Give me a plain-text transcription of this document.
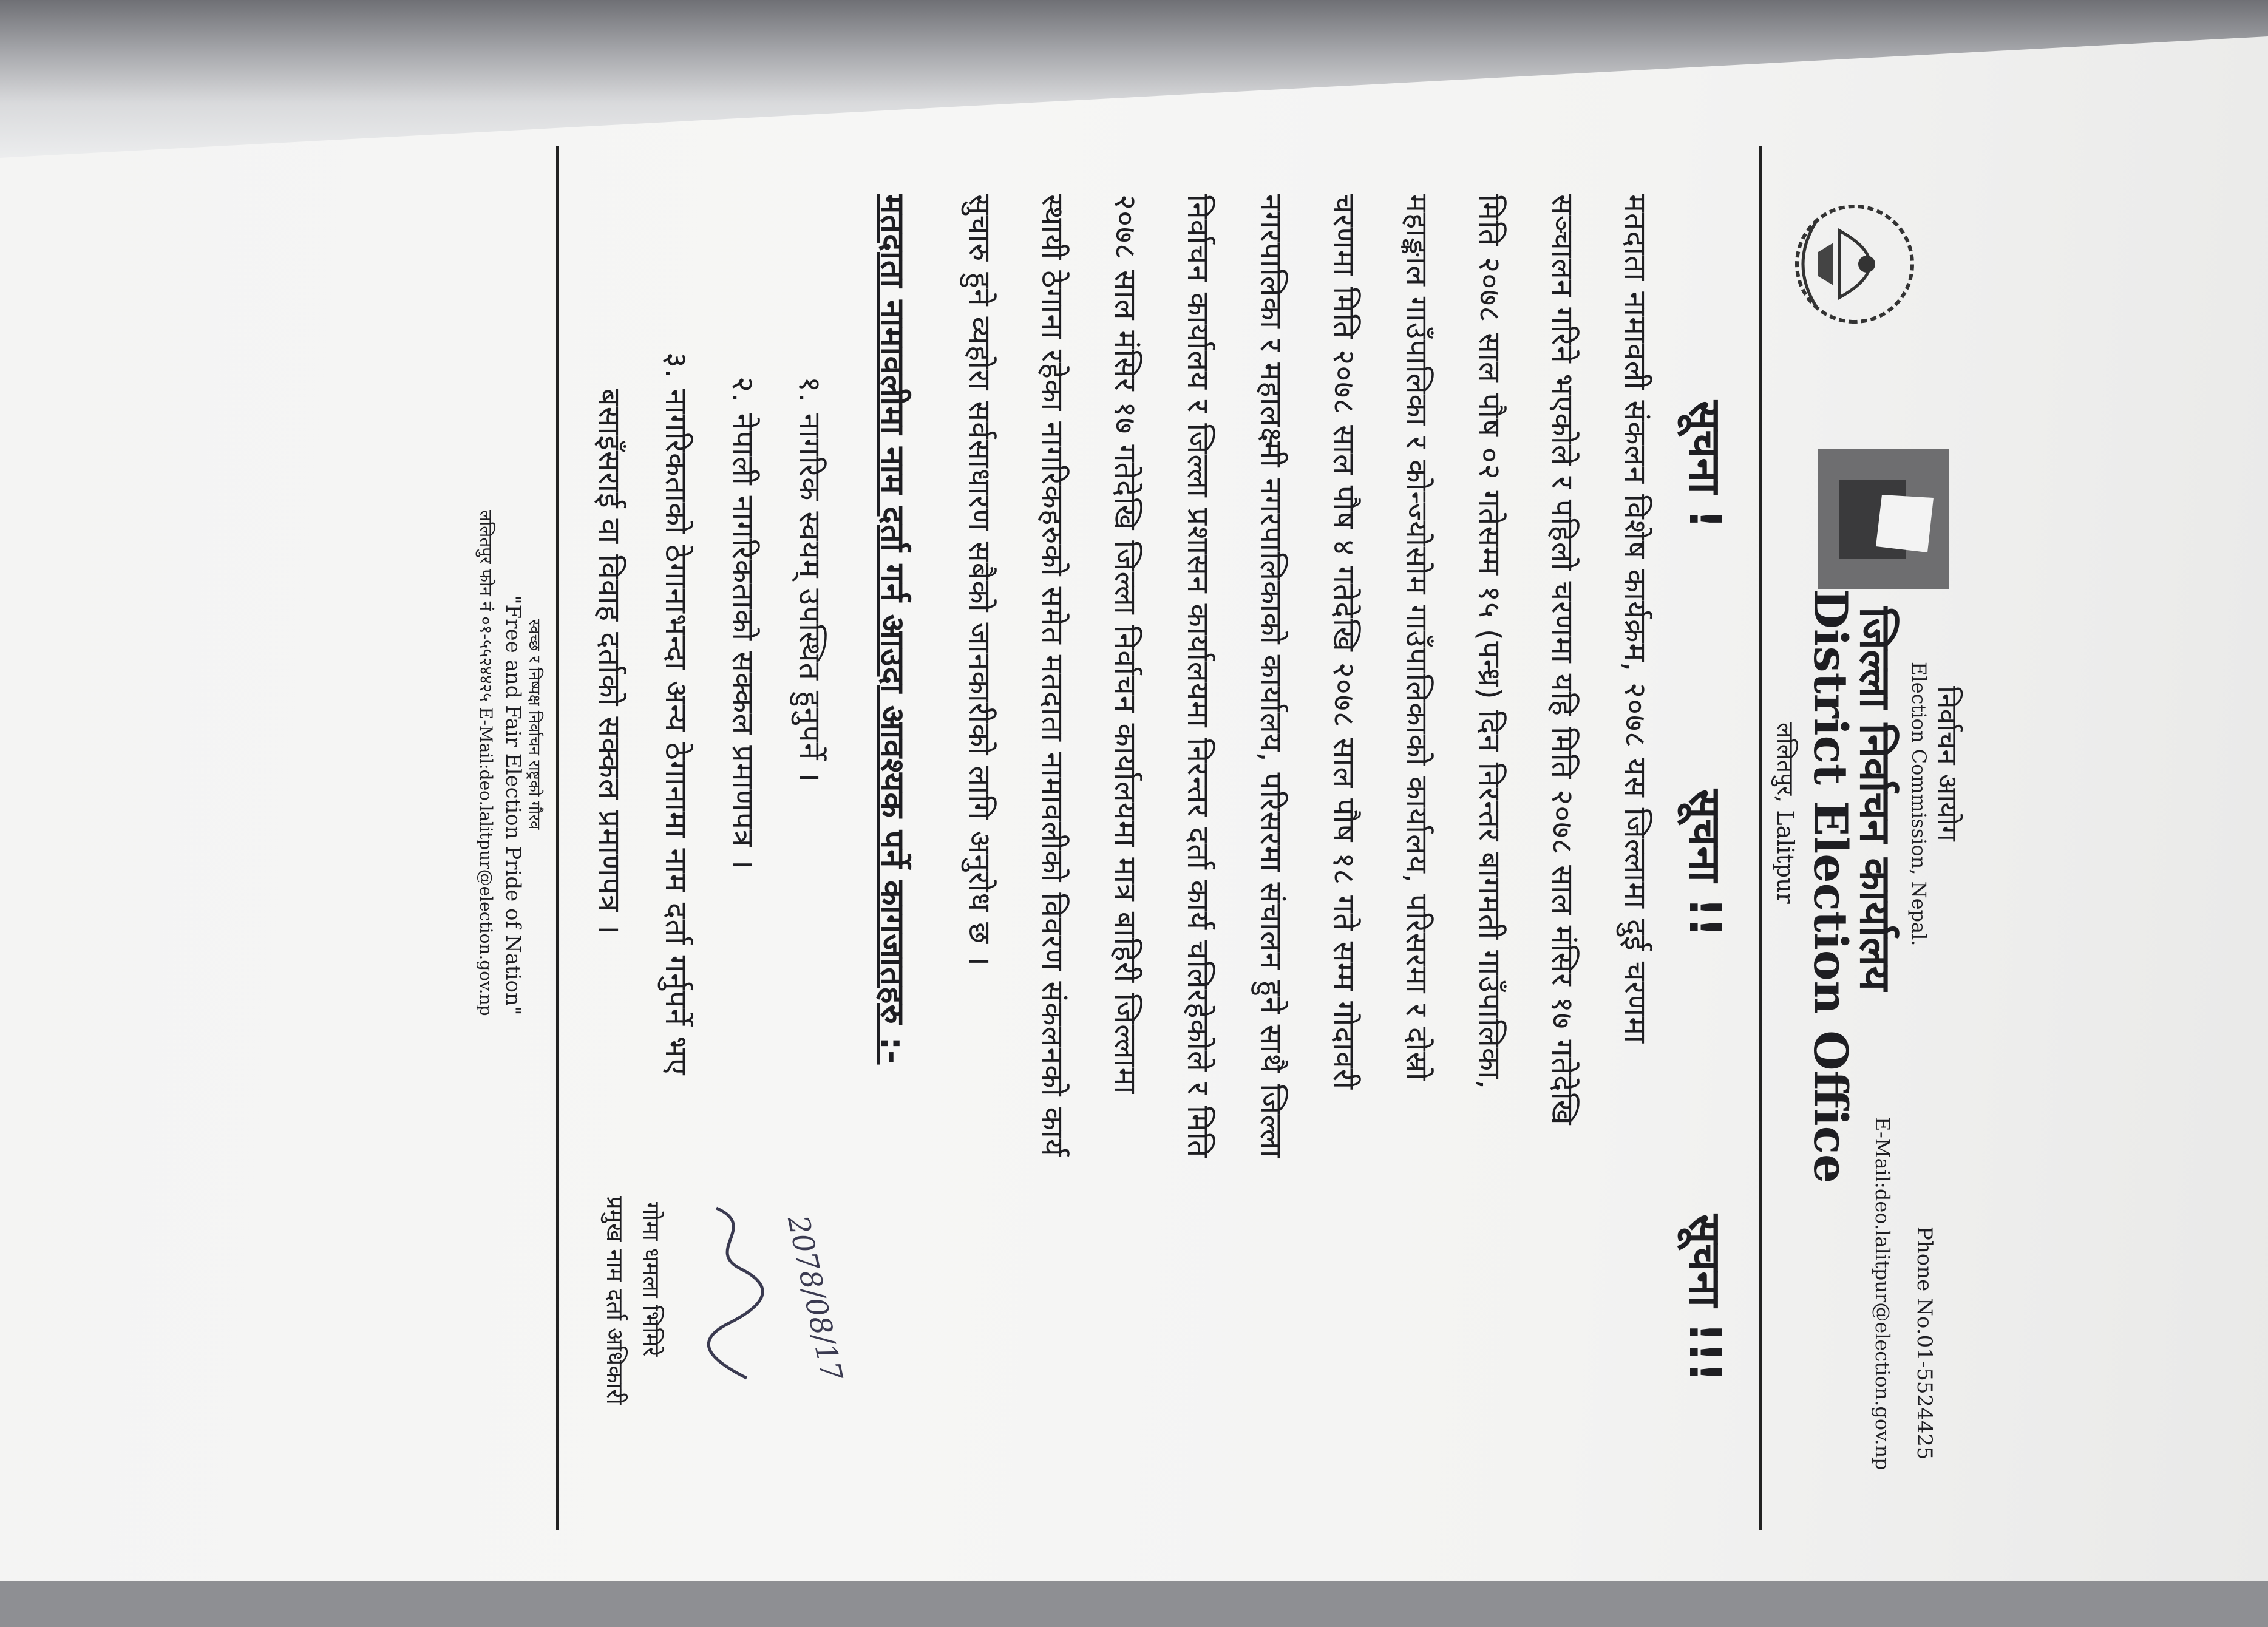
निर्वाचन आयोग
Election Commission, Nepal.
जिल्ला निर्वाचन कार्यालय
District Election Office
ललितपुर, Lalitpur
Phone No.01-5524425
E-Mail:deo.lalitpur@election.gov.np
सूचना !
सूचना !!
सूचना !!!
मतदाता नामावली संकलन विशेष कार्यक्रम, २०७८ यस जिल्लामा दुई चरणमा
सञ्चालन गरिने भएकोले र पहिलो चरणमा यहि मिति २०७८ साल मंसिर १७ गतेदेखि
मिति २०७८ साल पौष ०२ गतेसम्म १५ (पन्ध्र) दिन निरन्तर बागमती गाउँपालिका,
महाङ्काल गाउँपालिका र कोन्ज्योसोम गाउँपालिकाको कार्यालय, परिसरमा र दोस्रो
चरणमा मिति २०७८ साल पौष ४ गतेदेखि २०७८ साल पौष १८ गते सम्म गोदावरी
नगरपालिका र महालक्ष्मी नगरपालिकाको कार्यालय, परिसरमा संचालन हुने साथै जिल्ला
निर्वाचन कार्यालय र जिल्ला प्रशासन कार्यालयमा निरन्तर दर्ता कार्य चलिरहेकोले र मिति
२०७८ साल मंसिर १७ गतेदेखि जिल्ला निर्वाचन कार्यालयमा मात्र बाहिरी जिल्लामा
स्थायी ठेगाना रहेका नागरिकहरुको समेत मतदाता नामावलीको विवरण संकलनको कार्य
सुचारु हुने व्यहोरा सर्वसाधारण सबैको जानकारीको लागि अनुरोध छ ।
मतदाता नामावलीमा नाम दर्ता गर्न आउदा आवश्यक पर्ने कागजातहरु :-
१. नागरिक स्वयम् उपस्थित हुनुपर्ने ।
२. नेपाली नागरिकताको सक्कल प्रमाणपत्र ।
३. नागरिकताको ठेगानाभन्दा अन्य ठेगानामा नाम दर्ता गर्नुपर्ने भए
बसाइँसराई वा विवाह दर्ताको सक्कल प्रमाणपत्र ।
2078/08/17
गोमा धमला भिमिरे
प्रमुख नाम दर्ता अधिकारी
स्वच्छ र निष्पक्ष निर्वाचन राष्ट्रको गौरव
"Free and Fair Election Pride of Nation"
ललितपुर फोन नं ०१-५५२४४२५ E-Mail:deo.lalitpur@election.gov.np
